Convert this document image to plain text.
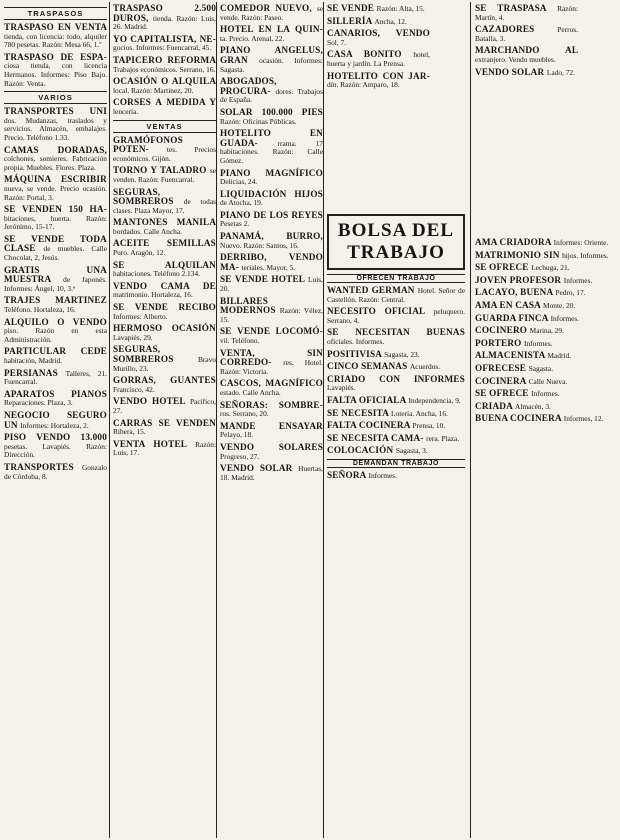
TRASPASOS

TRASPASO EN VENTA tienda, con licencia: todo, alquiler 780 pesetas. Razón: Mesa 66, 1.º

TRASPASO DE ESPA- ciosa tienda, con licencia Hermanos. Informes: Piso Bajo. Razón: Venta.

VARIOS

TRANSPORTES UNI dos. Mudanzas, traslados y servicios. Almacén, embalajes. Precio. Teléfono 1.33.

CAMAS DORADAS, colchones, somieres. Fabricación propia. Muebles. Flores. Plaza.

MÁQUINA ESCRIBIR nueva, se vende. Precio ocasión. Razón: Portal, 3.

SE VENDEN 150 HA- bitaciones, huerta. Razón: Jerónimo, 15-17.

SE VENDE TODA CLASE de muebles. Calle Chocolat, 2, Jesús.

GRATIS UNA MUESTRA de Japonés. Informes: Ángel, 10, 3.ª

TRAJES MARTINEZ Teléfono. Hortaleza, 16.

ALQUILO O VENDO piso. Razón en esta Administración.

PARTICULAR CEDE habitación, Madrid.

PERSIANAS Talleres, 21. Fuencarral.

APARATOS PIANOS Reparaciones. Plaza, 3.

NEGOCIO SEGURO UN Informes: Hortaleza, 2.

PISO VENDO 13.000 pesetas. Lavapiés. Razón: Dirección.

TRANSPORTES Gonzalo de Córdoba, 8.

TRASPASO 2.500 DUROS, tienda. Razón: Luis, 26. Madrid.

YO CAPITALISTA, NE- gocios. Informes: Fuencarral, 45.

TAPICERO REFORMA Trabajos económicos. Serrano, 16.

OCASIÓN O ALQUILA local. Razón: Martinez, 20.

CORSES A MEDIDA Y lencería.

VENTAS

GRAMÓFONOS POTEN- tes. Precios económicos. Gijón.

TORNO Y TALADRO se venden. Razón: Fuencarral.

SEGURAS, SOMBREROS de todas clases. Plaza Mayor, 17.

MANTONES MANILA bordados. Calle Ancha.

ACEITE SEMILLAS Puro. Aragón, 12.

SE ALQUILAN habitaciones. Teléfono 2.134.

VENDO CAMA DE matrimonio. Hortaleza, 16.

SE VENDE RECIBO Informes: Alberto.

HERMOSO OCASIÓN Lavapiés, 29.

SEGURAS, SOMBREROS Bravo Murillo, 23.

GORRAS, GUANTES Francisco, 42.

VENDO HOTEL Pacífico, 27.

CARRAS SE VENDEN Ribera, 15.

VENTA HOTEL Razón: Luis, 17.

COMEDOR NUEVO, se vende. Razón: Paseo.

HOTEL EN LA QUIN- ta. Precio. Arenal, 22.

PIANO ANGELUS, GRAN ocasión. Informes: Sagasta.

ABOGADOS, PROCURA- dores. Trabajos de España.

SOLAR 100.000 PIES Razón: Oficinas Públicas.

HOTELITO EN GUADA- rrama. 17 habitaciones. Razón: Calle Gómez.

PIANO MAGNÍFICO Delicias, 24.

LIQUIDACIÓN HIJOS de Atocha, 19.

PIANO DE LOS REYES Pesetas 2.

PANAMÁ, BURRO, Nuevo. Razón: Santos, 16.

DERRIBO, VENDO MA- teriales. Mayor, 5.

SE VENDE HOTEL Luis, 20.

BILLARES MODERNOS Razón: Vélez, 15.

SE VENDE LOCOMÓ- vil. Teléfono.

VENTA, SIN CORREDO- res. Hotel. Razón: Victoria.

CASCOS, MAGNÍFICO estado. Calle Ancha.

SEÑORAS: SOMBRE- ros. Serrano, 20.

MANDE ENSAYAR Pelayo, 18.

VENDO SOLARES Progreso, 27.

VENDO SOLAR Huertas, 18. Madrid.

SE VENDE Razón: Alta, 15.

SILLERÍA Ancha, 12.

CANARIOS, VENDO Sol, 7.

CASA BONITO hotel, huerta y jardín. La Prensa.

HOTELITO CON JAR- dín. Razón: Amparo, 18.

SE TRASPASA Razón: Martín, 4.

CAZADORES Perros. Batalla, 3.

MARCHANDO AL extranjero. Vendo muebles.

VENDO SOLAR Lado, 72.

BOLSA DEL TRABAJO
OFRECEN TRABAJO

WANTED GERMAN Hotel. Señor de Castellón. Razón: Central.

NECESITO OFICIAL peluquero. Serrano, 4.

SE NECESITAN BUENAS oficiales. Informes.

POSITIVISA Sagasta, 23.

CINCO SEMANAS Acuerdos.

CRIADO CON INFORMES Lavapiés.

FALTA OFICIALA Independencia, 9.

SE NECESITA Lotería. Ancha, 16.

FALTA COCINERA Prensa, 10.

SE NECESITA CAMA- rera. Plaza.

COLOCACIÓN Sagasta, 3.

DEMANDAN TRABAJO

SEÑORA Informes.

AMA CRIADORA Informes: Oriente.

MATRIMONIO SIN hijos. Informes.

SE OFRECE Lechuga, 21.

JOVEN PROFESOR Informes.

LACAYO, BUENA Pedro, 17.

AMA EN CASA Monte, 20.

GUARDA FINCA Informes.

COCINERO Marina, 29.

PORTERO Informes.

ALMACENISTA Madrid.

OFRECESE Sagasta.

COCINERA Calle Nueva.

SE OFRECE Informes.

CRIADA Almacén, 3.

BUENA COCINERA Informes, 12.
